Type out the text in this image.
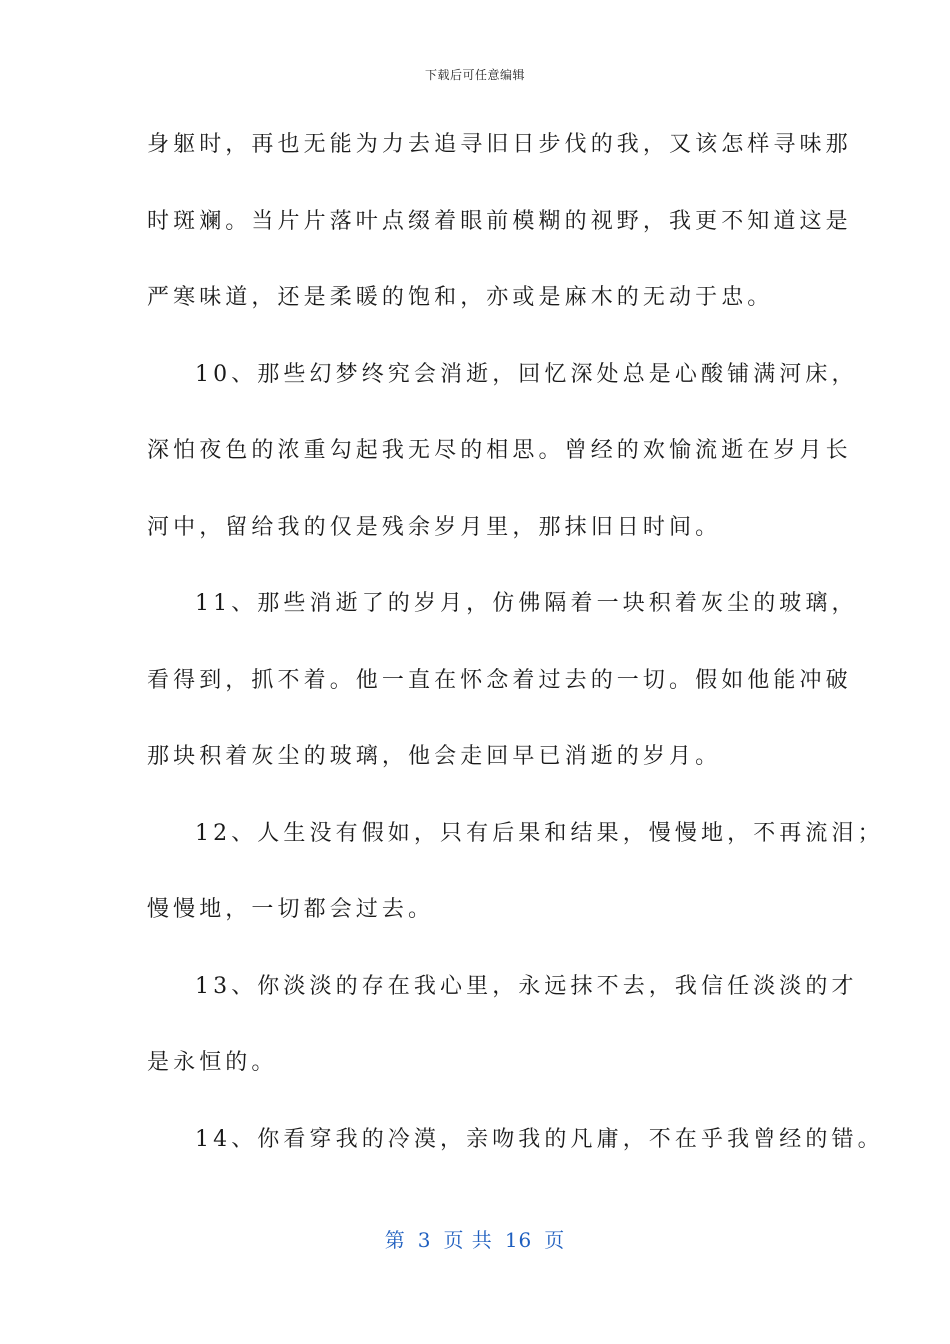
下载后可任意编辑
身躯时，再也无能为力去追寻旧日步伐的我，又该怎样寻味那
时斑斓。当片片落叶点缀着眼前模糊的视野，我更不知道这是
严寒味道，还是柔暖的饱和，亦或是麻木的无动于忠。
10、那些幻梦终究会消逝，回忆深处总是心酸铺满河床，
深怕夜色的浓重勾起我无尽的相思。曾经的欢愉流逝在岁月长
河中，留给我的仅是残余岁月里，那抹旧日时间。
11、那些消逝了的岁月，仿佛隔着一块积着灰尘的玻璃，
看得到，抓不着。他一直在怀念着过去的一切。假如他能冲破
那块积着灰尘的玻璃，他会走回早已消逝的岁月。
12、人生没有假如，只有后果和结果，慢慢地，不再流泪；
慢慢地，一切都会过去。
13、你淡淡的存在我心里，永远抹不去，我信任淡淡的才
是永恒的。
14、你看穿我的冷漠，亲吻我的凡庸，不在乎我曾经的错。
第 3 页 共 16 页
